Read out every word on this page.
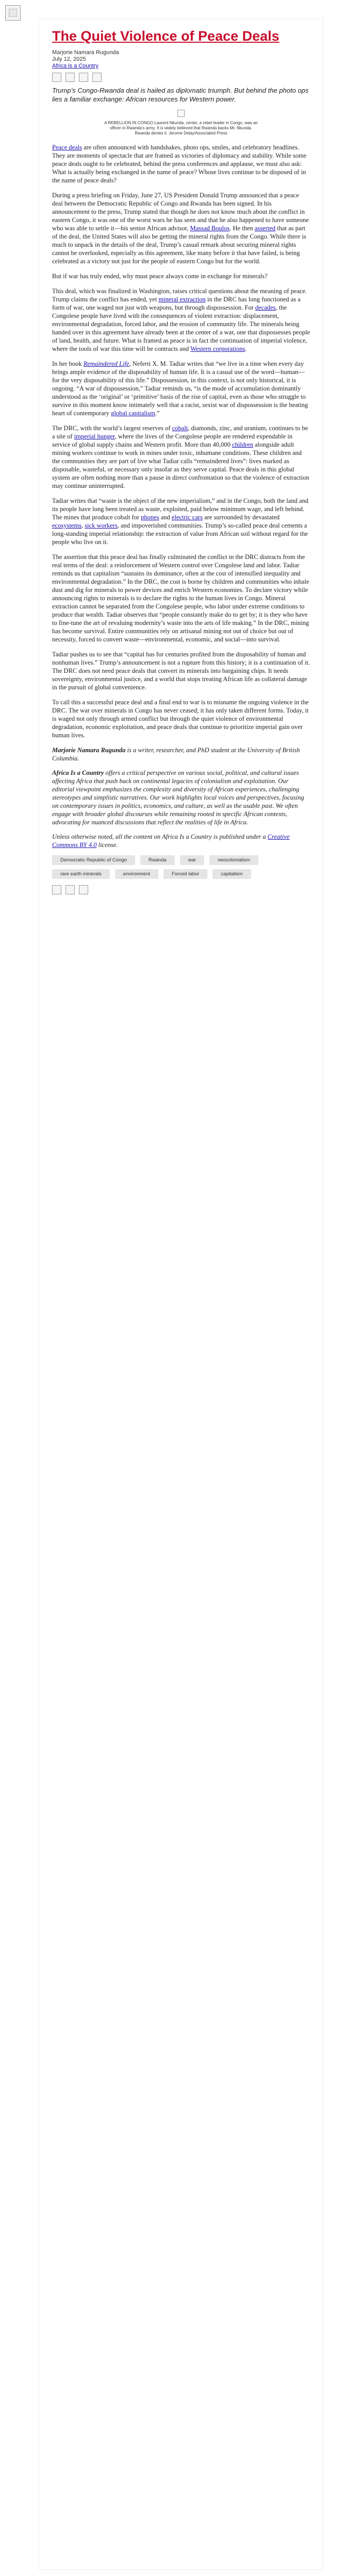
The Quiet Violence of Peace Deals
Marjorie Namara Rugunda
July 12, 2025
Africa is a Country
Trump’s Congo-Rwanda deal is hailed as diplomatic triumph. But behind the photo ops lies a familiar exchange: African resources for Western power.
A REBELLION IN CONGO Laurent Nkunda, center, a rebel leader in Congo, was an officer in Rwanda's army. It is widely believed that Rwanda backs Mr. Nkunda. Rwanda denies it. Jerome Delay/Associated Press

Peace deals are often announced with handshakes, photo ops, smiles, and celebratory headlines. They are moments of spectacle that are framed as victories of diplomacy and stability. While some peace deals ought to be celebrated, behind the press conferences and applause, we must also ask: What is actually being exchanged in the name of peace? Whose lives continue to be disposed of in the name of peace deals?

During a press briefing on Friday, June 27, US President Donald Trump announced that a peace deal between the Democratic Republic of Congo and Rwanda has been signed. In his announcement to the press, Trump stated that though he does not know much about the conflict in eastern Congo, it was one of the worst wars he has seen and that he also happened to have someone who was able to settle it—his senior African advisor, Massad Boulos. He then asserted that as part of the deal, the United States will also be getting the mineral rights from the Congo. While there is much to unpack in the details of the deal, Trump’s casual remark about securing mineral rights cannot be overlooked, especially as this agreement, like many before it that have failed, is being celebrated as a victory not just for the people of eastern Congo but for the world.

But if war has truly ended, why must peace always come in exchange for minerals?

This deal, which was finalized in Washington, raises critical questions about the meaning of peace. Trump claims the conflict has ended, yet mineral extraction in the DRC has long functioned as a form of war, one waged not just with weapons, but through dispossession. For decades, the Congolese people have lived with the consequences of violent extraction: displacement, environmental degradation, forced labor, and the erosion of community life. The minerals being handed over in this agreement have already been at the center of a war, one that dispossesses people of land, health, and future. What is framed as peace is in fact the continuation of imperial violence, where the tools of war this time will be contracts and Western corporations.

In her book Remaindered Life, Neferti X. M. Tadiar writes that “we live in a time when every day brings ample evidence of the disposability of human life. It is a casual use of the word—human—for the very disposability of this life.” Dispossession, in this context, is not only historical, it is ongoing. “A war of dispossession,” Tadiar reminds us, “is the mode of accumulation dominantly understood as the ‘original’ or ‘primitive’ basis of the rise of capital, even as those who struggle to survive in this moment know intimately well that a racist, sexist war of dispossession is the beating heart of contemporary global capitalism.”

The DRC, with the world’s largest reserves of cobalt, diamonds, zinc, and uranium, continues to be a site of imperial hunger, where the lives of the Congolese people are rendered expendable in service of global supply chains and Western profit. More than 40,000 children alongside adult mining workers continue to work in mines under toxic, inhumane conditions. These children and the communities they are part of live what Tadiar calls “remaindered lives”: lives marked as disposable, wasteful, or necessary only insofar as they serve capital. Peace deals in this global system are often nothing more than a pause in direct confrontation so that the violence of extraction may continue uninterrupted.

Tadiar writes that “waste is the object of the new imperialism,” and in the Congo, both the land and its people have long been treated as waste, exploited, paid below minimum wage, and left behind. The mines that produce cobalt for phones and electric cars are surrounded by devastated ecosystems, sick workers, and impoverished communities. Trump’s so-called peace deal cements a long-standing imperial relationship: the extraction of value from African soil without regard for the people who live on it.

The assertion that this peace deal has finally culminated the conflict in the DRC distracts from the real terms of the deal: a reinforcement of Western control over Congolese land and labor. Tadiar reminds us that capitalism “sustains its dominance, often at the cost of intensified inequality and environmental degradation.” In the DRC, the cost is borne by children and communities who inhale dust and dig for minerals to power devices and enrich Western economies. To declare victory while announcing rights to minerals is to declare the rights to the human lives in Congo. Mineral extraction cannot be separated from the Congolese people, who labor under extreme conditions to produce that wealth. Tadiar observes that “people constantly make do to get by; it is they who have to fine-tune the art of revaluing modernity’s waste into the arts of life making.” In the DRC, mining has become survival. Entire communities rely on artisanal mining not out of choice but out of necessity, forced to convert waste—environmental, economic, and social—into survival.

Tadiar pushes us to see that “capital has for centuries profited from the disposability of human and nonhuman lives.” Trump’s announcement is not a rupture from this history; it is a continuation of it. The DRC does not need peace deals that convert its minerals into bargaining chips. It needs sovereignty, environmental justice, and a world that stops treating African life as collateral damage in the pursuit of global convenience.

To call this a successful peace deal and a final end to war is to misname the ongoing violence in the DRC. The war over minerals in Congo has never ceased; it has only taken different forms. Today, it is waged not only through armed conflict but through the quiet violence of environmental degradation, economic exploitation, and peace deals that continue to prioritize imperial gain over human lives.

Marjorie Namara Rugunda is a writer, researcher, and PhD student at the University of British Columbia.

Africa Is a Country offers a critical perspective on various social, political, and cultural issues affecting Africa that push back on continental legacies of colonialism and exploitation. Our editorial viewpoint emphasizes the complexity and diversity of African experiences, challenging stereotypes and simplistic narratives. Our work highlights local voices and perspectives, focusing on contemporary issues in politics, economics, and culture, as well as the usable past. We often engage with broader global discourses while remaining rooted in specific African contexts, advocating for nuanced discussions that reflect the realities of life in Africa.

Unless otherwise noted, all the content on Africa Is a Country is published under a Creative Commons BY 4.0 license.

Democratic Republic of Congo	Rwanda	war	neocolonialism
rare earth minerals	environment	Forced labor	capitalism
